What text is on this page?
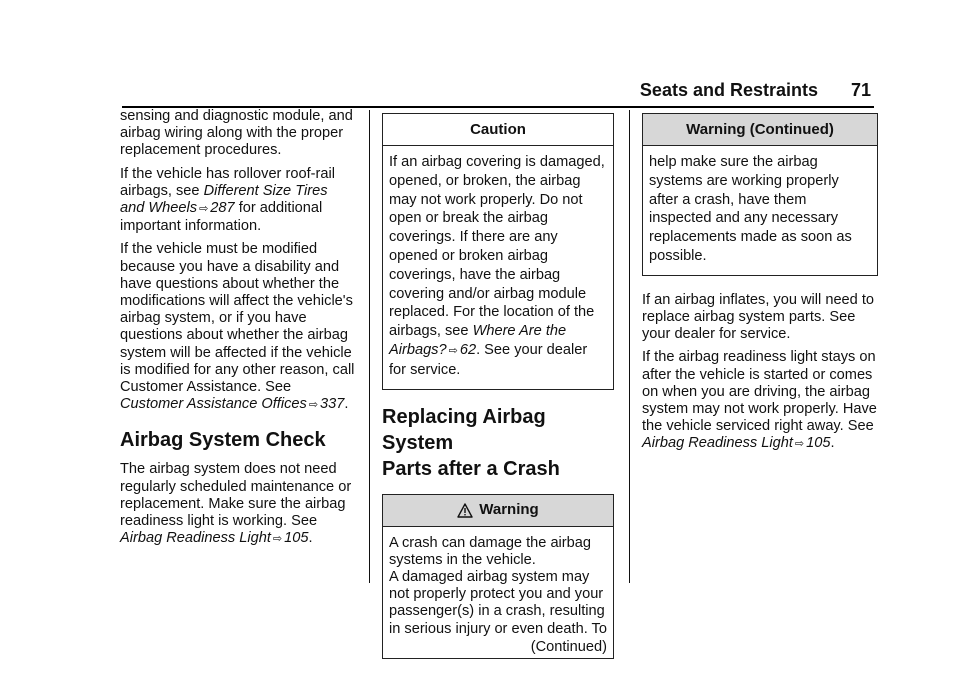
Seats and Restraints 71
sensing and diagnostic module, and
airbag wiring along with the proper
replacement procedures.
If the vehicle has rollover roof-rail
airbags, see Different Size Tires
and Wheels ⇨ 287 for additional
important information.
If the vehicle must be modified
because you have a disability and
have questions about whether the
modifications will affect the vehicle's
airbag system, or if you have
questions about whether the airbag
system will be affected if the vehicle
is modified for any other reason, call
Customer Assistance. See
Customer Assistance Offices ⇨ 337.
Airbag System Check
The airbag system does not need
regularly scheduled maintenance or
replacement. Make sure the airbag
readiness light is working. See
Airbag Readiness Light ⇨ 105.
Caution
If an airbag covering is damaged,
opened, or broken, the airbag
may not work properly. Do not
open or break the airbag
coverings. If there are any
opened or broken airbag
coverings, have the airbag
covering and/or airbag module
replaced. For the location of the
airbags, see Where Are the
Airbags? ⇨ 62. See your dealer
for service.
Replacing Airbag System
Parts after a Crash
Warning
A crash can damage the airbag
systems in the vehicle.
A damaged airbag system may
not properly protect you and your
passenger(s) in a crash, resulting
in serious injury or even death. To
(Continued)
Warning (Continued)
help make sure the airbag
systems are working properly
after a crash, have them
inspected and any necessary
replacements made as soon as
possible.
If an airbag inflates, you will need to
replace airbag system parts. See
your dealer for service.
If the airbag readiness light stays on
after the vehicle is started or comes
on when you are driving, the airbag
system may not work properly. Have
the vehicle serviced right away. See
Airbag Readiness Light ⇨ 105.
